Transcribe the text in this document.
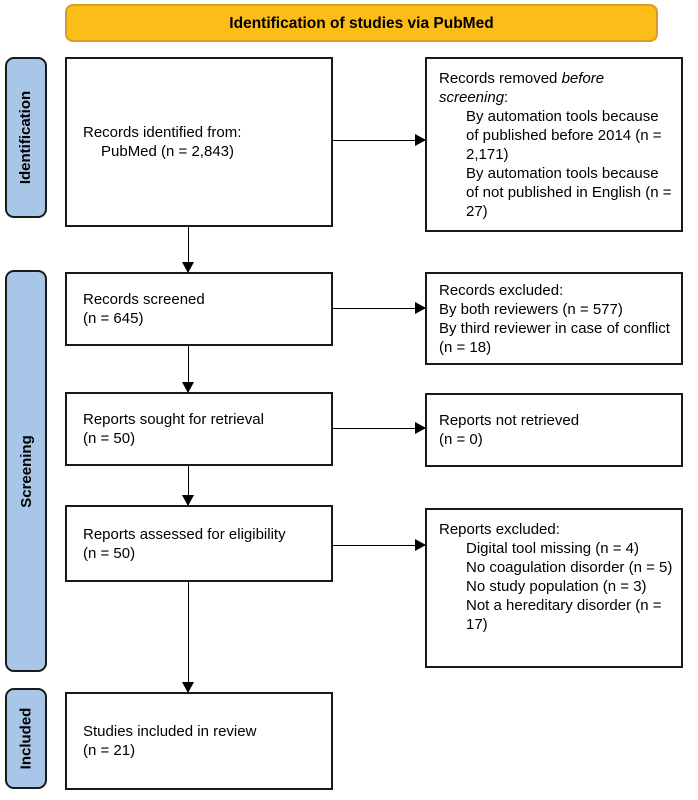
Identification of studies via PubMed
Identification
Screening
Included
Records identified from:
PubMed (n = 2,843)
Records screened
(n = 645)
Reports sought for retrieval
(n = 50)
Reports assessed for eligibility
(n = 50)
Studies included in review
(n = 21)
Records removed before screening:
By automation tools because of published before 2014 (n = 2,171)
By automation tools because of not published in English (n = 27)
Records excluded:
By both reviewers (n = 577)
By third reviewer in case of conflict (n = 18)
Reports not retrieved
(n = 0)
Reports excluded:
Digital tool missing (n = 4)
No coagulation disorder (n = 5)
No study population (n = 3)
Not a hereditary disorder (n = 17)
